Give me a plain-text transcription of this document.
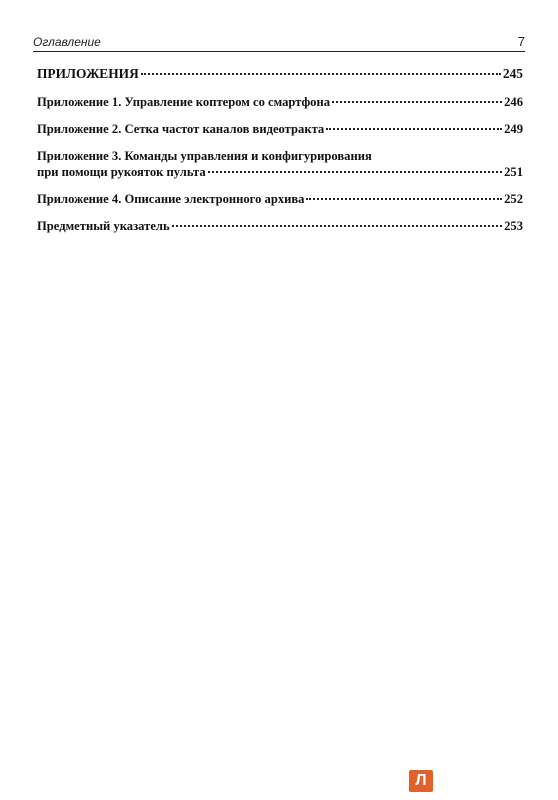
Оглавление	7
ПРИЛОЖЕНИЯ	245
Приложение 1. Управление коптером со смартфона	246
Приложение 2. Сетка частот каналов видеотракта	249
Приложение 3. Команды управления и конфигурирования
при помощи рукояток пульта	251
Приложение 4. Описание электронного архива	252
Предметный указатель	253
Л
